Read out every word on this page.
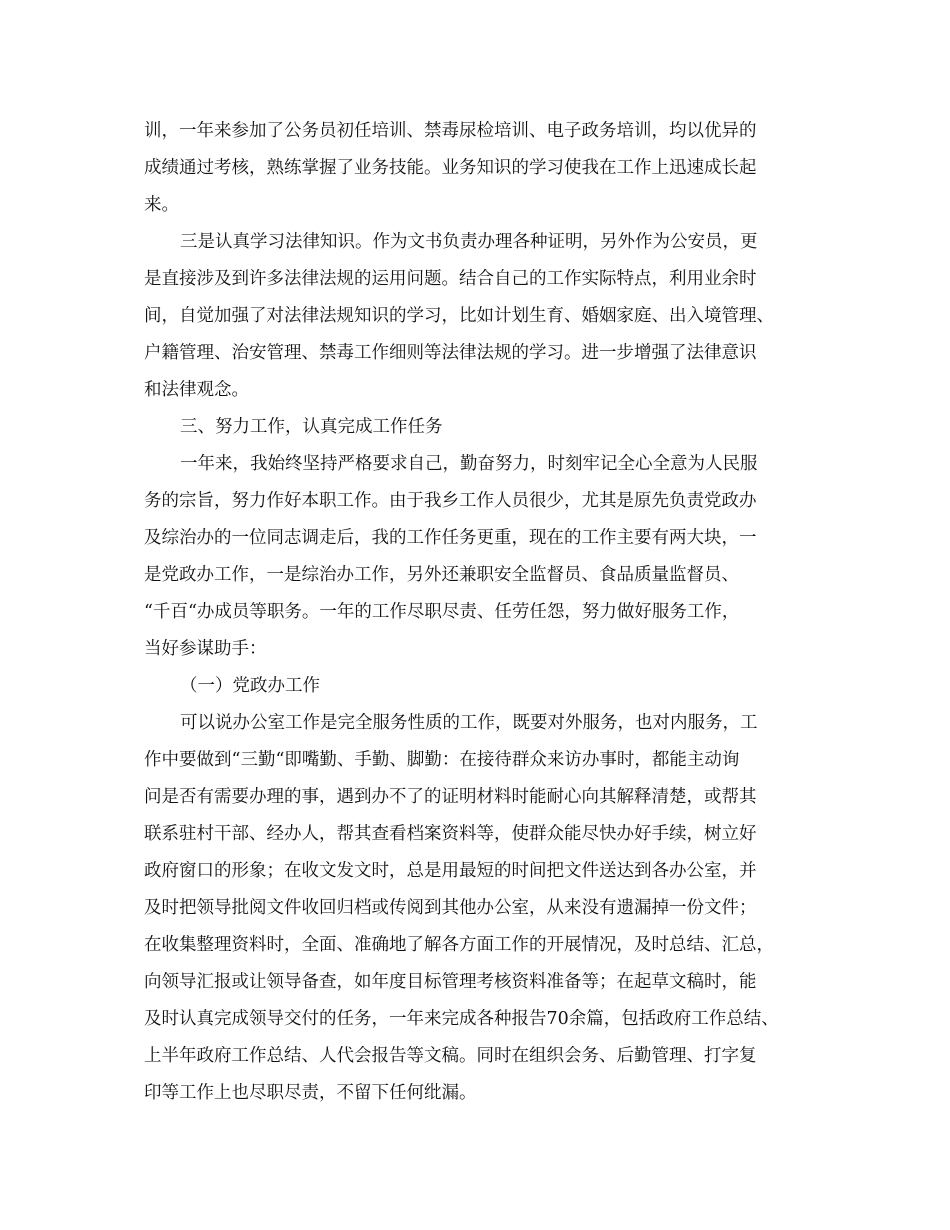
训，一年来参加了公务员初任培训、禁毒尿检培训、电子政务培训，均以优异的
成绩通过考核，熟练掌握了业务技能。业务知识的学习使我在工作上迅速成长起
来。
三是认真学习法律知识。作为文书负责办理各种证明，另外作为公安员，更
是直接涉及到许多法律法规的运用问题。结合自己的工作实际特点，利用业余时
间，自觉加强了对法律法规知识的学习，比如计划生育、婚姻家庭、出入境管理、
户籍管理、治安管理、禁毒工作细则等法律法规的学习。进一步增强了法律意识
和法律观念。
三、努力工作，认真完成工作任务
一年来，我始终坚持严格要求自己，勤奋努力，时刻牢记全心全意为人民服
务的宗旨，努力作好本职工作。由于我乡工作人员很少，尤其是原先负责党政办
及综治办的一位同志调走后，我的工作任务更重，现在的工作主要有两大块，一
是党政办工作，一是综治办工作，另外还兼职安全监督员、食品质量监督员、
“千百“办成员等职务。一年的工作尽职尽责、任劳任怨，努力做好服务工作，
当好参谋助手：
（一）党政办工作
可以说办公室工作是完全服务性质的工作，既要对外服务，也对内服务，工
作中要做到“三勤“即嘴勤、手勤、脚勤：在接待群众来访办事时，都能主动询
问是否有需要办理的事，遇到办不了的证明材料时能耐心向其解释清楚，或帮其
联系驻村干部、经办人，帮其查看档案资料等，使群众能尽快办好手续，树立好
政府窗口的形象；在收文发文时，总是用最短的时间把文件送达到各办公室，并
及时把领导批阅文件收回归档或传阅到其他办公室，从来没有遗漏掉一份文件；
在收集整理资料时，全面、准确地了解各方面工作的开展情况，及时总结、汇总，
向领导汇报或让领导备查，如年度目标管理考核资料准备等；在起草文稿时，能
及时认真完成领导交付的任务，一年来完成各种报告70余篇，包括政府工作总结、
上半年政府工作总结、人代会报告等文稿。同时在组织会务、后勤管理、打字复
印等工作上也尽职尽责，不留下任何纰漏。
